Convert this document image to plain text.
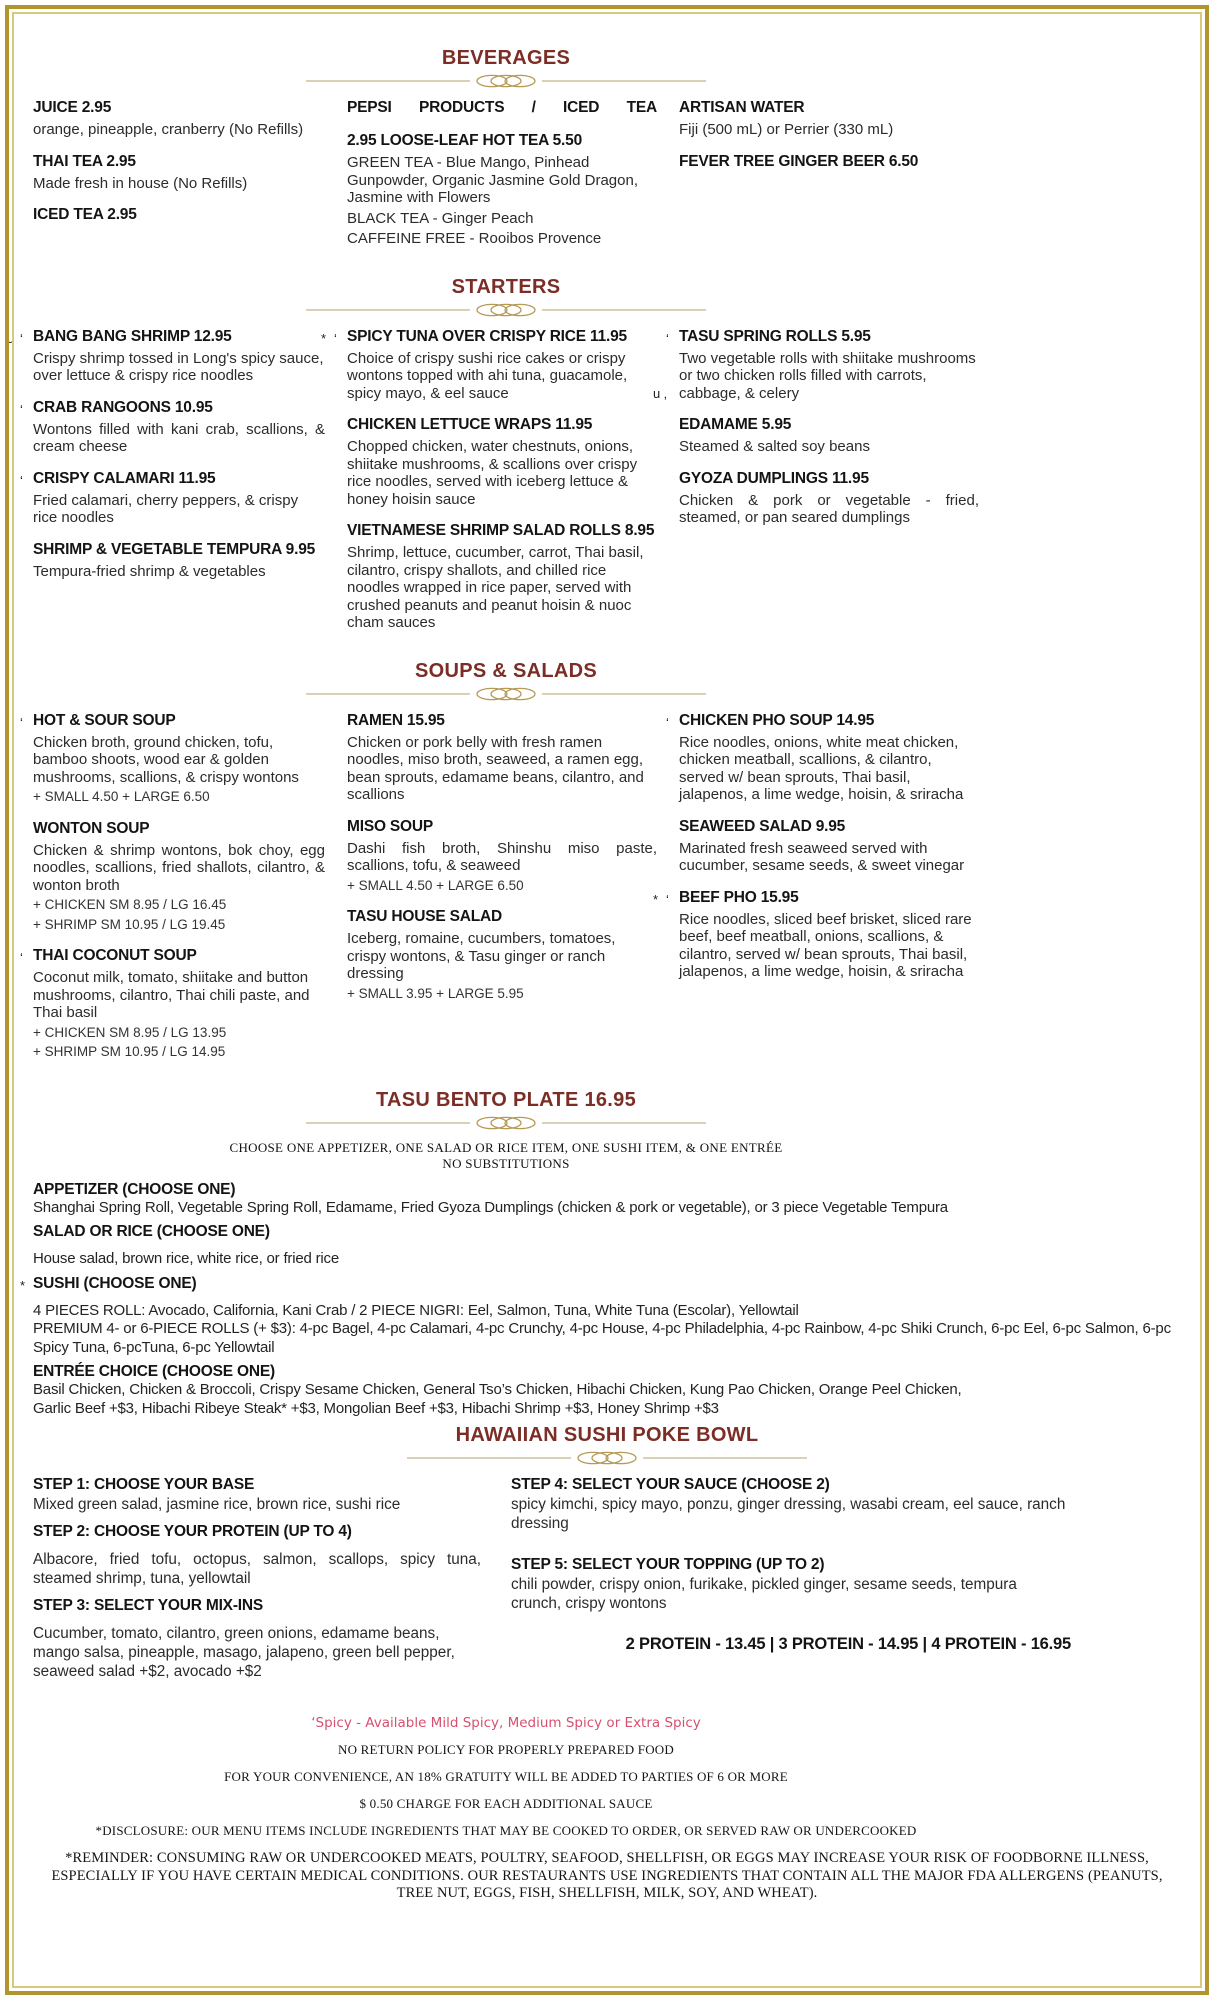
BEVERAGES
JUICE 2.95

orange, pineapple, cranberry (No Refills)

THAI TEA 2.95

Made fresh in house (No Refills)

ICED TEA 2.95
PEPSI PRODUCTS / ICED TEA
2.95 LOOSE-LEAF HOT TEA 5.50

GREEN TEA - Blue Mango, Pinhead Gunpowder, Organic Jasmine Gold Dragon, Jasmine with Flowers

BLACK TEA - Ginger Peach

CAFFEINE FREE - Rooibos Provence

ARTISAN WATER

Fiji (500 mL) or Perrier (330 mL)

FEVER TREE GINGER BEER 6.50
STARTERS
BANG BANG SHRIMP 12.95
u ‘

Crispy shrimp tossed in Long's spicy sauce, over lettuce & crispy rice noodles

CRAB RANGOONS 10.95
‘

Wontons filled with kani crab, scallions, & cream cheese

CRISPY CALAMARI 11.95
‘

Fried calamari, cherry peppers, & crispy rice noodles

SHRIMP & VEGETABLE TEMPURA 9.95

Tempura-fried shrimp & vegetables

SPICY TUNA OVER CRISPY RICE 11.95
* ‘

Choice of crispy sushi rice cakes or crispy wontons topped with ahi tuna, guacamole, spicy mayo, & eel sauce

CHICKEN LETTUCE WRAPS 11.95

Chopped chicken, water chestnuts, onions, shiitake mushrooms, & scallions over crispy rice noodles, served with iceberg lettuce & honey hoisin sauce

VIETNAMESE SHRIMP SALAD ROLLS 8.95

Shrimp, lettuce, cucumber, carrot, Thai basil, cilantro, crispy shallots, and chilled rice noodles wrapped in rice paper, served with crushed peanuts and peanut hoisin & nuoc cham sauces

TASU SPRING ROLLS 5.95
‘

Two vegetable rolls with shiitake mushrooms or two chicken rolls filled with carrots, cabbage, & celery

u ‚
EDAMAME 5.95

Steamed & salted soy beans

GYOZA DUMPLINGS 11.95

Chicken & pork or vegetable - fried, steamed, or pan seared dumplings

SOUPS & SALADS
HOT & SOUR SOUP
‘

Chicken broth, ground chicken, tofu, bamboo shoots, wood ear & golden mushrooms, scallions, & crispy wontons

+ SMALL 4.50 + LARGE 6.50
WONTON SOUP

Chicken & shrimp wontons, bok choy, egg noodles, scallions, fried shallots, cilantro, & wonton broth

+ CHICKEN SM 8.95 / LG 16.45
+ SHRIMP SM 10.95 / LG 19.45
THAI COCONUT SOUP
‘

Coconut milk, tomato, shiitake and button mushrooms, cilantro, Thai chili paste, and Thai basil

+ CHICKEN SM 8.95 / LG 13.95
+ SHRIMP SM 10.95 / LG 14.95
RAMEN 15.95

Chicken or pork belly with fresh ramen noodles, miso broth, seaweed, a ramen egg, bean sprouts, edamame beans, cilantro, and scallions

MISO SOUP

Dashi fish broth, Shinshu miso paste, scallions, tofu, & seaweed

+ SMALL 4.50 + LARGE 6.50
TASU HOUSE SALAD

Iceberg, romaine, cucumbers, tomatoes, crispy wontons, & Tasu ginger or ranch dressing

+ SMALL 3.95 + LARGE 5.95
CHICKEN PHO SOUP 14.95
‘

Rice noodles, onions, white meat chicken, chicken meatball, scallions, & cilantro, served w/ bean sprouts, Thai basil, jalapenos, a lime wedge, hoisin, & sriracha

SEAWEED SALAD 9.95

Marinated fresh seaweed served with cucumber, sesame seeds, & sweet vinegar

BEEF PHO 15.95
* ‘

Rice noodles, sliced beef brisket, sliced rare beef, beef meatball, onions, scallions, & cilantro, served w/ bean sprouts, Thai basil, jalapenos, a lime wedge, hoisin, & sriracha

TASU BENTO PLATE 16.95
CHOOSE ONE APPETIZER, ONE SALAD OR RICE ITEM, ONE SUSHI ITEM, & ONE ENTRÉE
NO SUBSTITUTIONS
APPETIZER (CHOOSE ONE)
Shanghai Spring Roll, Vegetable Spring Roll, Edamame, Fried Gyoza Dumplings (chicken & pork or vegetable), or 3 piece Vegetable Tempura
SALAD OR RICE (CHOOSE ONE)
House salad, brown rice, white rice, or fried rice
SUSHI (CHOOSE ONE)
*
4 PIECES ROLL: Avocado, California, Kani Crab / 2 PIECE NIGRI: Eel, Salmon, Tuna, White Tuna (Escolar), Yellowtail
PREMIUM 4- or 6-PIECE ROLLS (+ $3): 4-pc Bagel, 4-pc Calamari, 4-pc Crunchy, 4-pc House, 4-pc Philadelphia, 4-pc Rainbow, 4-pc Shiki Crunch, 6-pc Eel, 6-pc Salmon, 6-pc Spicy Tuna, 6-pcTuna, 6-pc Yellowtail
ENTRÉE CHOICE (CHOOSE ONE)
Basil Chicken, Chicken & Broccoli, Crispy Sesame Chicken, General Tso’s Chicken, Hibachi Chicken, Kung Pao Chicken, Orange Peel Chicken,
Garlic Beef +$3, Hibachi Ribeye Steak* +$3, Mongolian Beef +$3, Hibachi Shrimp +$3, Honey Shrimp +$3
HAWAIIAN SUSHI POKE BOWL
STEP 1: CHOOSE YOUR BASE
Mixed green salad, jasmine rice, brown rice, sushi rice
STEP 2: CHOOSE YOUR PROTEIN (UP TO 4)
Albacore, fried tofu, octopus, salmon, scallops, spicy tuna, steamed shrimp, tuna, yellowtail
STEP 3: SELECT YOUR MIX-INS
Cucumber, tomato, cilantro, green onions, edamame beans, mango salsa, pineapple, masago, jalapeno, green bell pepper, seaweed salad +$2, avocado +$2
STEP 4: SELECT YOUR SAUCE (CHOOSE 2)
spicy kimchi, spicy mayo, ponzu, ginger dressing, wasabi cream, eel sauce, ranch dressing
STEP 5: SELECT YOUR TOPPING (UP TO 2)
chili powder, crispy onion, furikake, pickled ginger, sesame seeds, tempura crunch, crispy wontons
2 PROTEIN - 13.45 | 3 PROTEIN - 14.95 | 4 PROTEIN - 16.95
‘Spicy - Available Mild Spicy, Medium Spicy or Extra Spicy
NO RETURN POLICY FOR PROPERLY PREPARED FOOD
FOR YOUR CONVENIENCE, AN 18% GRATUITY WILL BE ADDED TO PARTIES OF 6 OR MORE
$ 0.50 CHARGE FOR EACH ADDITIONAL SAUCE
*DISCLOSURE: OUR MENU ITEMS INCLUDE INGREDIENTS THAT MAY BE COOKED TO ORDER, OR SERVED RAW OR UNDERCOOKED
*REMINDER: CONSUMING RAW OR UNDERCOOKED MEATS, POULTRY, SEAFOOD, SHELLFISH, OR EGGS MAY INCREASE YOUR RISK OF FOODBORNE ILLNESS, ESPECIALLY IF YOU HAVE CERTAIN MEDICAL CONDITIONS. OUR RESTAURANTS USE INGREDIENTS THAT CONTAIN ALL THE MAJOR FDA ALLERGENS (PEANUTS, TREE NUT, EGGS, FISH, SHELLFISH, MILK, SOY, AND WHEAT).
